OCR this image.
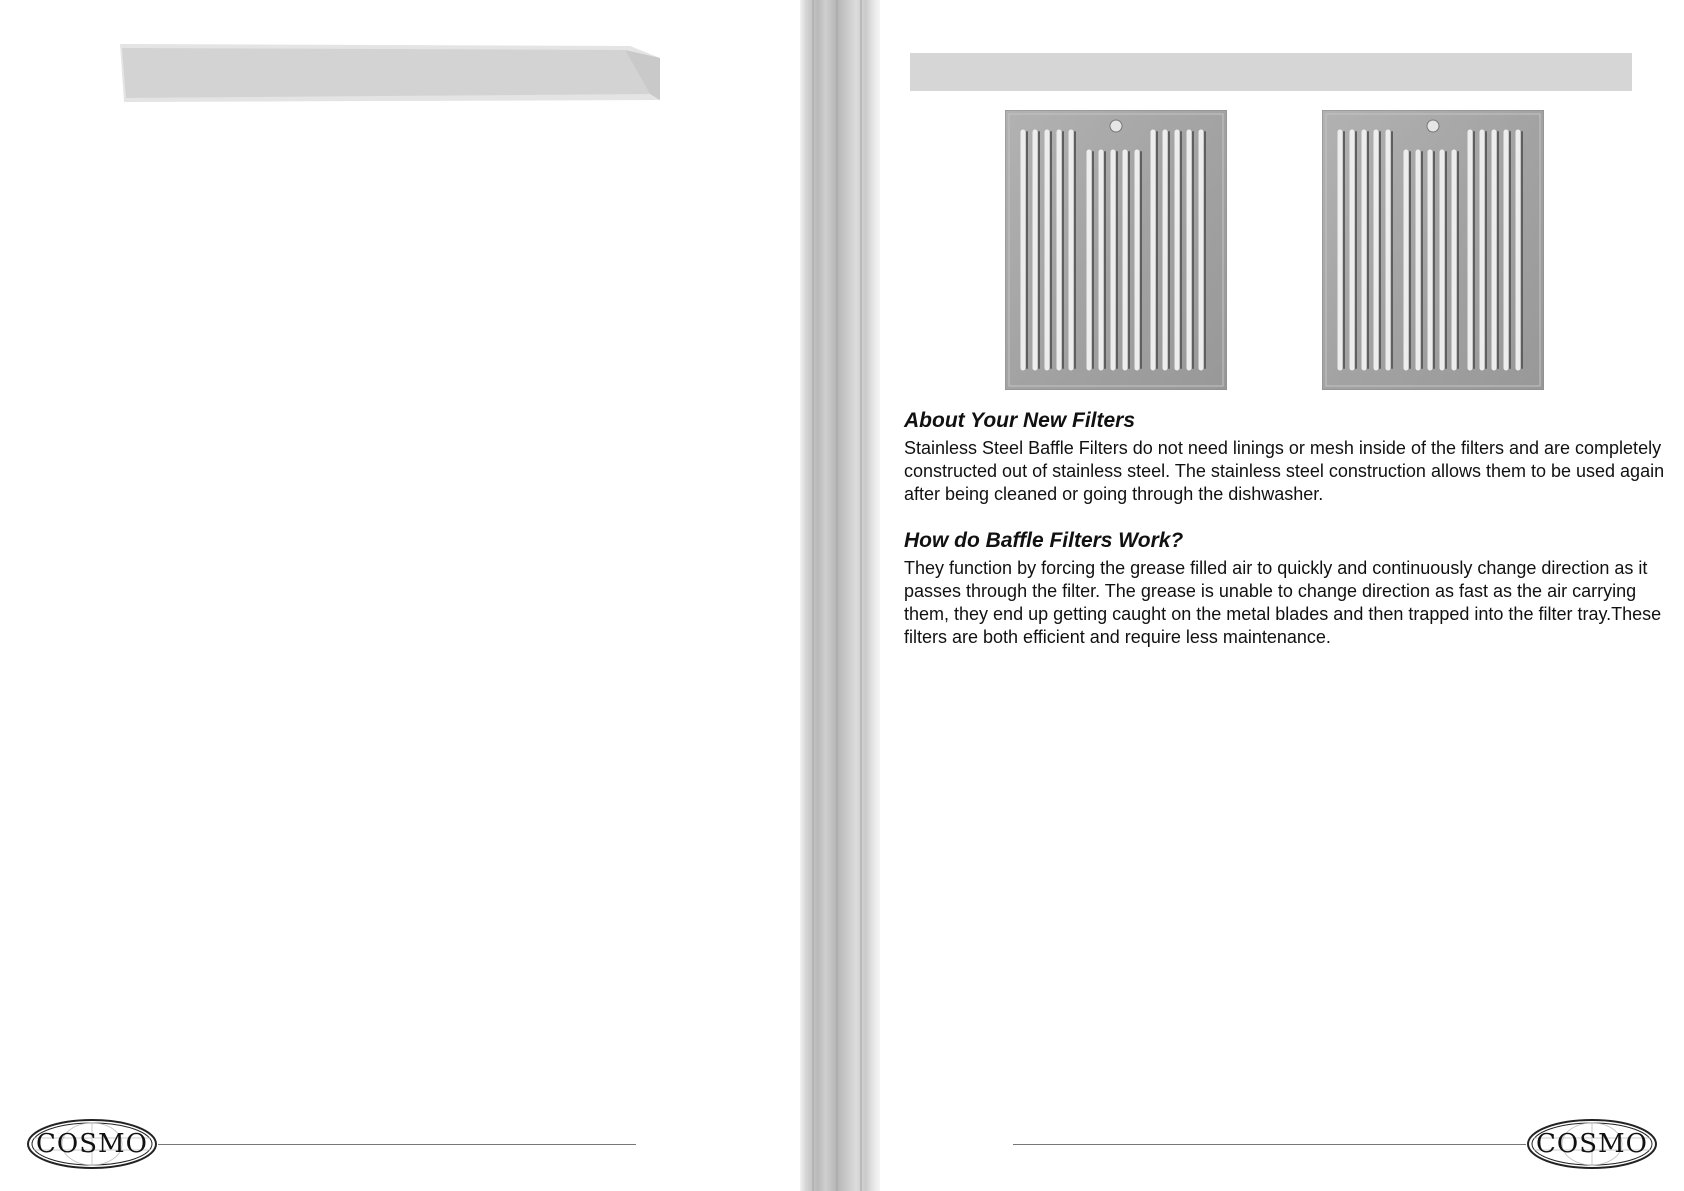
COSMO
About Your New Filters

Stainless Steel Baffle Filters do not need linings or mesh inside of the filters and are completely constructed out of stainless steel. The stainless steel construction allows them to be used again after being cleaned or going through the dishwasher.

How do Baffle Filters Work?

They function by forcing the grease filled air to quickly and continuously change direction as it passes through the filter. The grease is unable to change direction as fast as the air carrying them, they end up getting caught on the metal blades and then trapped into the filter tray.These filters are both efficient and require less maintenance.

COSMO
